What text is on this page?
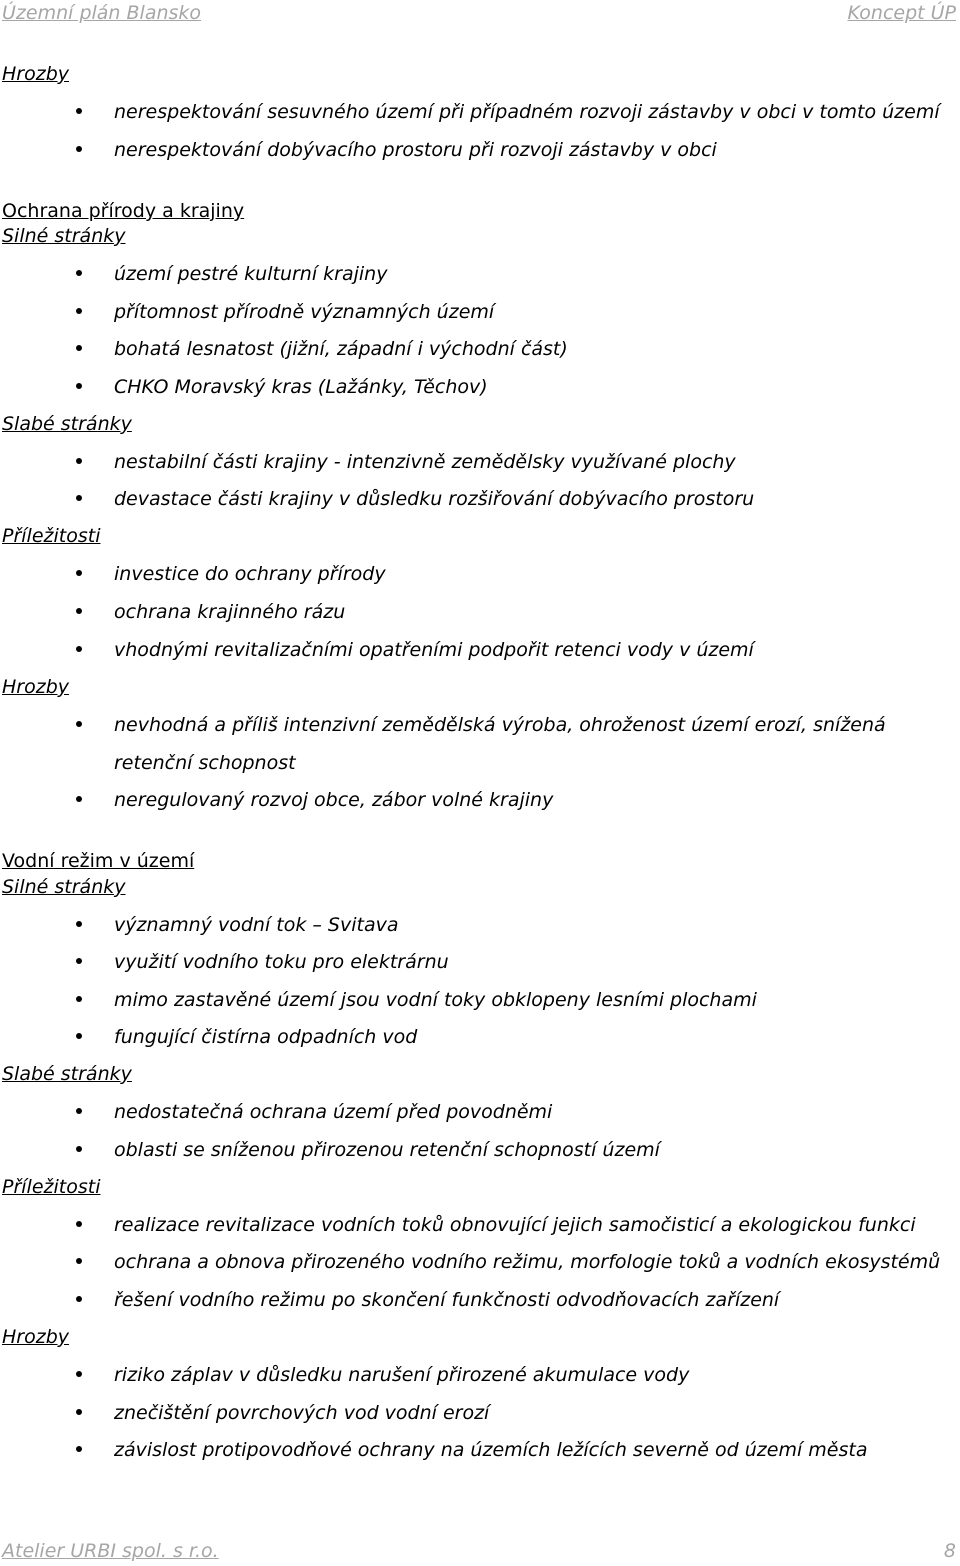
Územní plán Blansko	Koncept ÚP
Hrozby
nerespektování sesuvného území při případném rozvoji zástavby v obci v tomto území
nerespektování dobývacího prostoru při rozvoji zástavby v obci
Ochrana přírody a krajiny
Silné stránky
území pestré kulturní krajiny
přítomnost přírodně významných území
bohatá lesnatost (jižní, západní i východní část)
CHKO Moravský kras (Lažánky, Těchov)
Slabé stránky
nestabilní části krajiny - intenzivně zemědělsky využívané plochy
devastace části krajiny v důsledku rozšiřování dobývacího prostoru
Příležitosti
investice do ochrany přírody
ochrana krajinného rázu
vhodnými revitalizačními opatřeními podpořit retenci vody v území
Hrozby
nevhodná a příliš intenzivní zemědělská výroba, ohroženost území erozí, snížená retenční schopnost
neregulovaný rozvoj obce, zábor volné krajiny
Vodní režim v území
Silné stránky
významný vodní tok – Svitava
využití vodního toku pro elektrárnu
mimo zastavěné území jsou vodní toky obklopeny lesními plochami
fungující čistírna odpadních vod
Slabé stránky
nedostatečná ochrana území před povodněmi
oblasti se sníženou přirozenou retenční schopností území
Příležitosti
realizace revitalizace vodních toků obnovující jejich samočisticí a ekologickou funkci
ochrana a obnova přirozeného vodního režimu, morfologie toků a vodních ekosystémů
řešení vodního režimu po skončení funkčnosti odvodňovacích zařízení
Hrozby
riziko záplav v důsledku narušení přirozené akumulace vody
znečištění povrchových vod vodní erozí
závislost protipovodňové ochrany na územích ležících severně od území města
Atelier URBI spol. s r.o.	8
